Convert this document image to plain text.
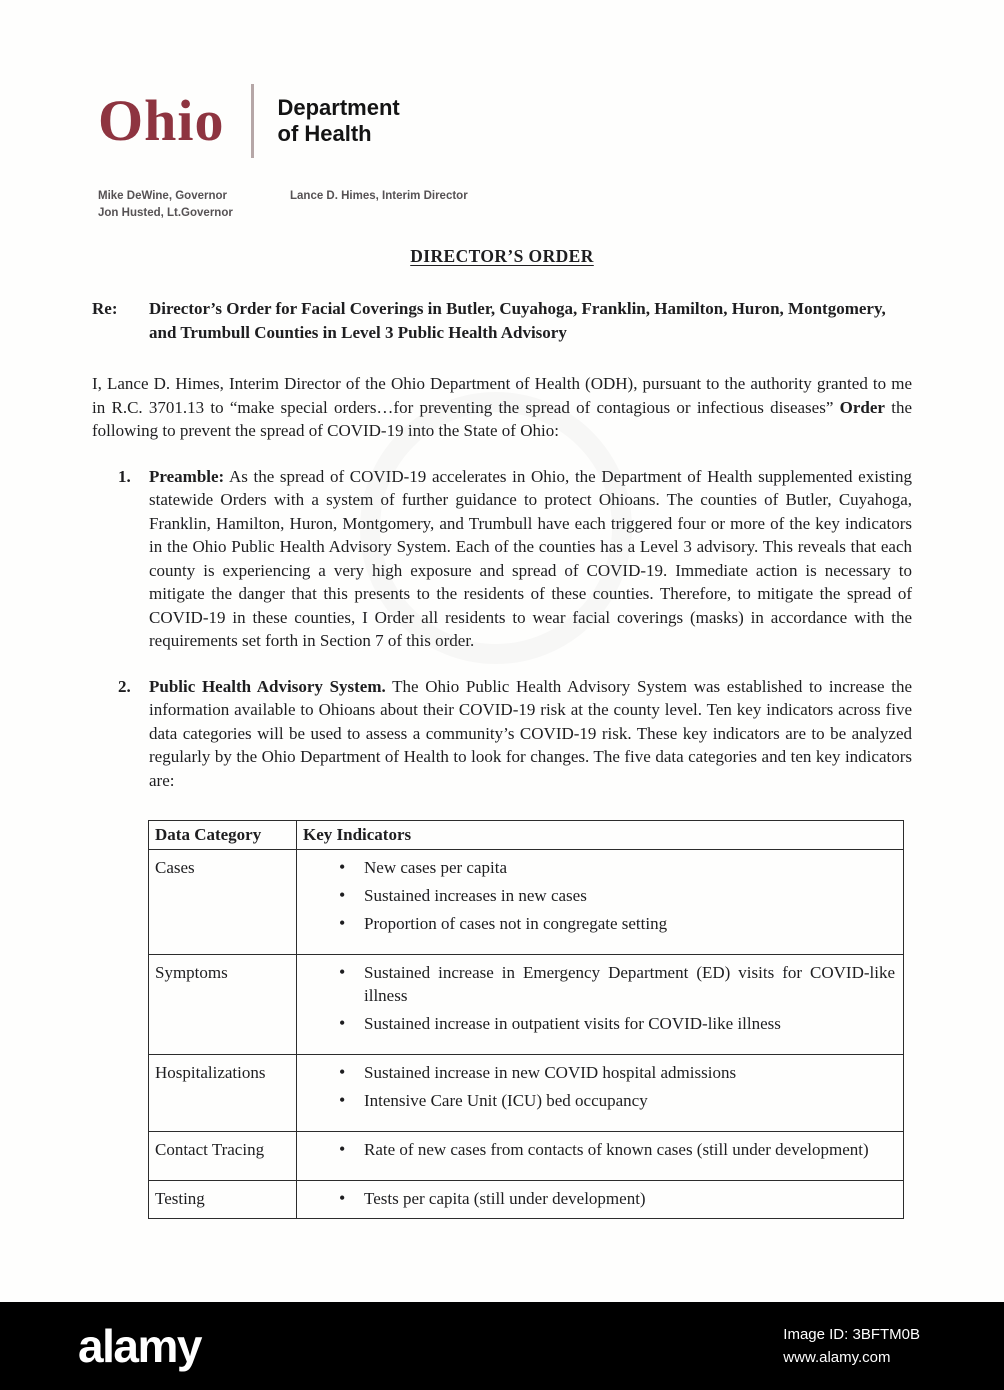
Ohio Department
of Health
Mike DeWine, Governor
Jon Husted, Lt.Governor
Lance D. Himes, Interim Director
DIRECTOR’S ORDER
Re:	Director’s Order for Facial Coverings in Butler, Cuyahoga, Franklin, Hamilton, Huron, Montgomery, and Trumbull Counties in Level 3 Public Health Advisory

I, Lance D. Himes, Interim Director of the Ohio Department of Health (ODH), pursuant to the authority granted to me in R.C. 3701.13 to “make special orders…for preventing the spread of contagious or infectious diseases” Order the following to prevent the spread of COVID-19 into the State of Ohio:

1.	Preamble: As the spread of COVID-19 accelerates in Ohio, the Department of Health supplemented existing statewide Orders with a system of further guidance to protect Ohioans. The counties of Butler, Cuyahoga, Franklin, Hamilton, Huron, Montgomery, and Trumbull have each triggered four or more of the key indicators in the Ohio Public Health Advisory System. Each of the counties has a Level 3 advisory. This reveals that each county is experiencing a very high exposure and spread of COVID-19. Immediate action is necessary to mitigate the danger that this presents to the residents of these counties. Therefore, to mitigate the spread of COVID-19 in these counties, I Order all residents to wear facial coverings (masks) in accordance with the requirements set forth in Section 7 of this order.
2.	Public Health Advisory System. The Ohio Public Health Advisory System was established to increase the information available to Ohioans about their COVID-19 risk at the county level. Ten key indicators across five data categories will be used to assess a community’s COVID-19 risk. These key indicators are to be analyzed regularly by the Ohio Department of Health to look for changes. The five data categories and ten key indicators are:
Data Category	Key Indicators
Cases	
•New cases per capita
• Sustained increases in new cases
• Proportion of cases not in congregate setting

Symptoms	
•Sustained increase in Emergency Department (ED) visits for COVID-like illness
• Sustained increase in outpatient visits for COVID-like illness

Hospitalizations	
•Sustained increase in new COVID hospital admissions
• Intensive Care Unit (ICU) bed occupancy

Contact Tracing	
•Rate of new cases from contacts of known cases (still under development)

Testing	
•Tests per capita (still under development)
alamy	Image ID: 3BFTM0B
www.alamy.com
